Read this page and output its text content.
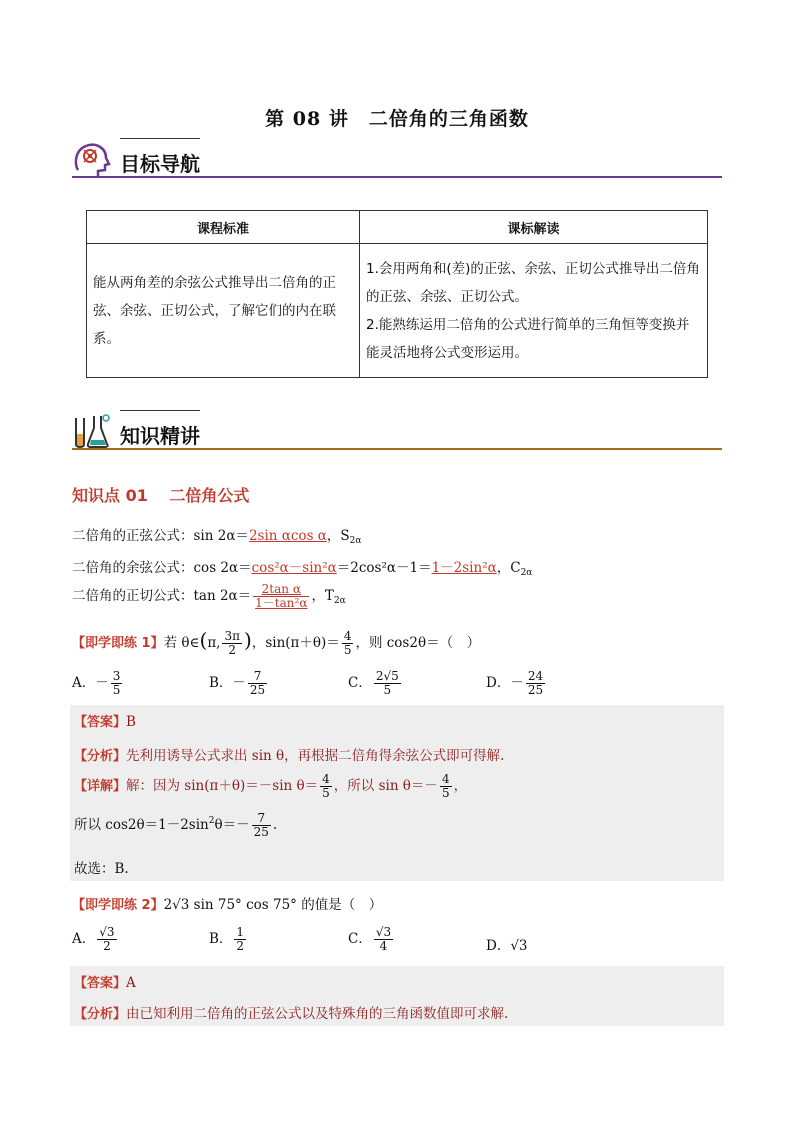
第 08 讲　二倍角的三角函数
目标导航
课程标准	课标解读
能从两角差的余弦公式推导出二倍角的正弦、余弦、正切公式，了解它们的内在联系。	1.会用两角和(差)的正弦、余弦、正切公式推导出二倍角的正弦、余弦、正切公式。
2.能熟练运用二倍角的公式进行简单的三角恒等变换并能灵活地将公式变形运用。
知识精讲
知识点 01　 二倍角公式
二倍角的正弦公式：sin 2α＝2sin αcos α，$S_{2\alpha}$
二倍角的余弦公式：cos 2α＝cos²α－sin²α＝2cos²α－1＝1－2sin²α，$C_{2\alpha}$
二倍角的正切公式：$\tan 2\alpha= \frac{\text{2tan α}}{\text{1－tan²α}}$ ，$T_{2\alpha}$
【即学即练 1】若 θ∈(π, $\frac{3\pi}{2}$ )，$\sin(\pi+\theta)= \frac{4}{5}$ ，则 cos2θ＝（　）
A．－ $\frac{3}{5}$	B．－ $\frac{7}{25}$	C． $\frac{2√5}{5}$	D．－ $\frac{24}{25}$
【答案】B
【分析】先利用诱导公式求出 sin θ，再根据二倍角得余弦公式即可得解.
【详解】解：因为 sin(π＋θ)＝－sin $\theta= \frac{4}{5}$ ，所以 $\sin \theta=- \frac{4}{5}$ ，
所以 $\cos 2\theta=1-2\sin^2\theta=- \frac{7}{25}$ .
故选：B.
【即学即练 2】2√3 sin 75° cos 75° 的值是（　）
A． $\frac{√3}{2}$	B． $\frac{1}{2}$	C． $\frac{√3}{4}$	D．√3
【答案】A
【分析】由已知利用二倍角的正弦公式以及特殊角的三角函数值即可求解.
